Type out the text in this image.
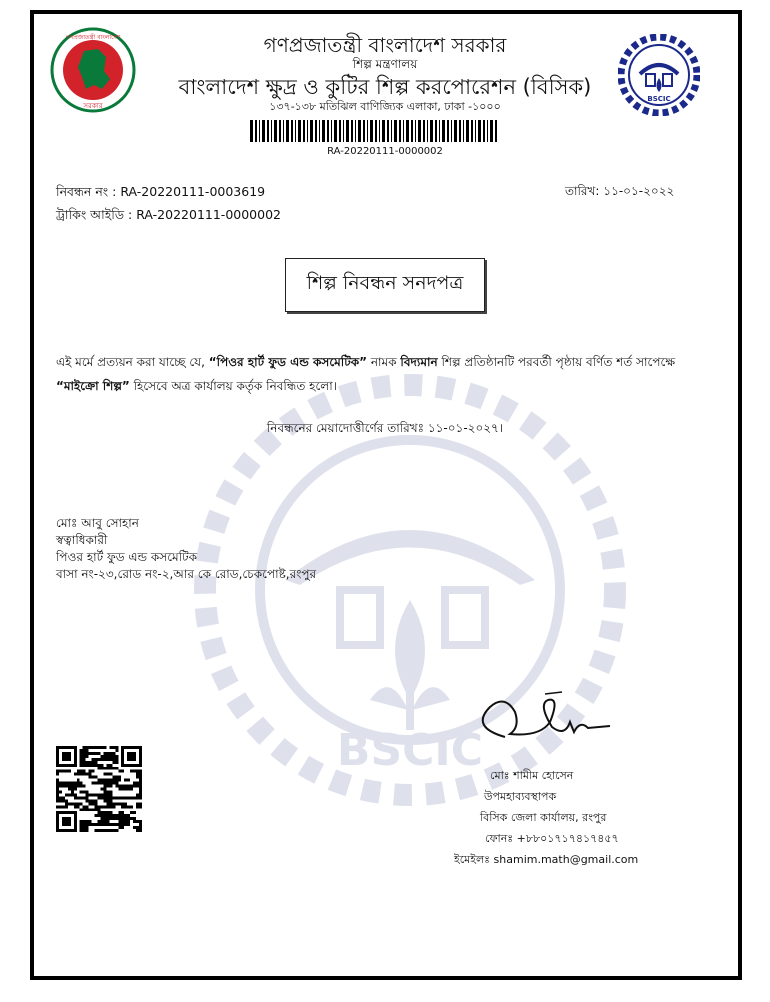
BSCIC
গণপ্রজাতন্ত্রী বাংলাদেশ
সরকার
BSCIC
গণপ্রজাতন্ত্রী বাংলাদেশ সরকার
শিল্প মন্ত্রণালয়
বাংলাদেশ ক্ষুদ্র ও কুটির শিল্প করপোরেশন (বিসিক)
১৩৭-১৩৮ মতিঝিল বাণিজ্যিক এলাকা, ঢাকা -১০০০
RA-20220111-0000002
নিবন্ধন নং : RA-20220111-0003619
ট্রাকিং আইডি : RA-20220111-0000002
তারিখ: ১১-০১-২০২২
শিল্প নিবন্ধন সনদপত্র
এই মর্মে প্রত্যয়ন করা যাচ্ছে যে, “পিওর হার্ট ফুড এন্ড কসমেটিক” নামক বিদ্যমান শিল্প প্রতিষ্ঠানটি পরবর্তী পৃষ্ঠায় বর্ণিত শর্ত সাপেক্ষে “মাইক্রো শিল্প” হিসেবে অত্র কার্যালয় কর্তৃক নিবন্ধিত হলো।
নিবন্ধনের মেয়াদোত্তীর্ণের তারিখঃ ১১-০১-২০২৭।
মোঃ আবু সোহান
স্বত্বাধিকারী
পিওর হার্ট ফুড এন্ড কসমেটিক
বাসা নং-২৩,রোড নং-২,আর কে রোড,চেকপোষ্ট,রংপুর
মোঃ শামীম হোসেন
উপমহাব্যবস্থাপক
বিসিক জেলা কার্যালয়, রংপুর
ফোনঃ +৮৮০১৭১৭৪১৭৪৫৭
ইমেইলঃ shamim.math@gmail.com
